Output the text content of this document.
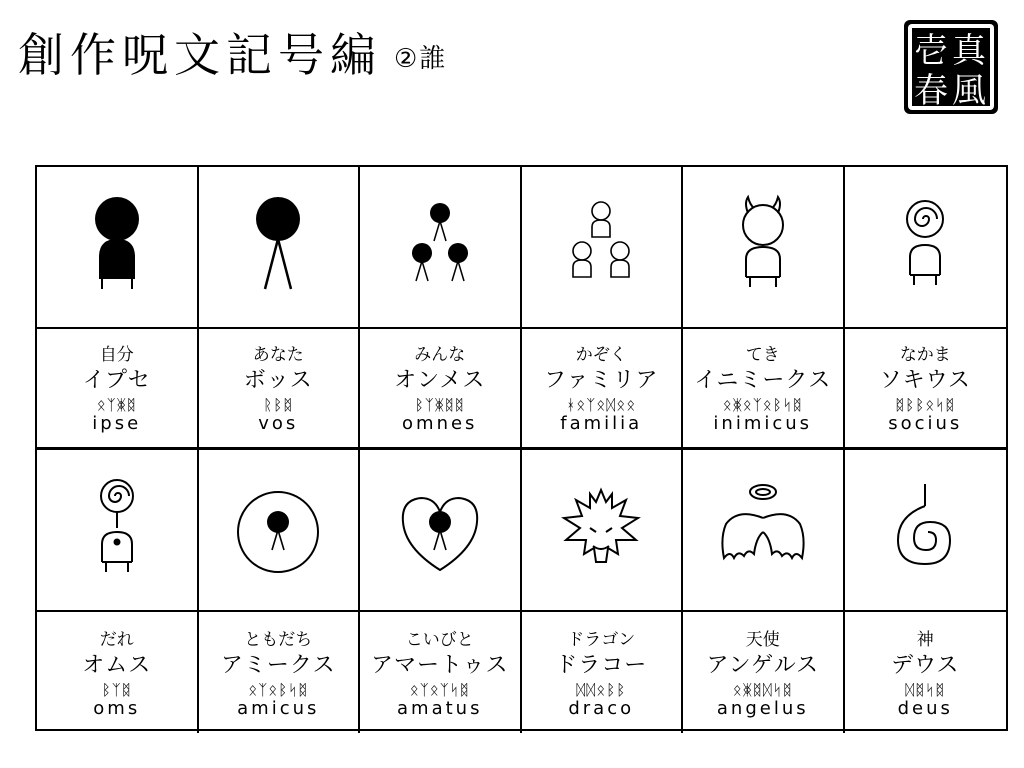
創作呪文記号編 ②誰	壱 真
春 風
自分
イプセ
ᛟᛉᛤᛥ
ipse
あなた
ボッス
ᚱᛒᛥ
vos
みんな
オンメス
ᛒᛉᛤᛥᛥ
omnes
かぞく
ファミリア
ᚼᛟᛉᛟᛞᛟᛟ
familia
てき
イニミークス
ᛟᛤᛟᛉᛟᛒᛋᛥ
inimicus
なかま
ソキウス
ᛥᛒᛒᛟᛋᛥ
socius
だれ
オムス
ᛒᛉᛥ
oms
ともだち
アミークス
ᛟᛉᛟᛒᛋᛥ
amicus
こいびと
アマートゥス
ᛟᛉᛟᛉᛋᛥ
amatus
ドラゴン
ドラコー
ᛞᛞᛟᛒᛒ
draco
天使
アンゲルス
ᛟᛤᛥᛞᛋᛥ
angelus
神
デウス
ᛞᛥᛋᛥ
deus
